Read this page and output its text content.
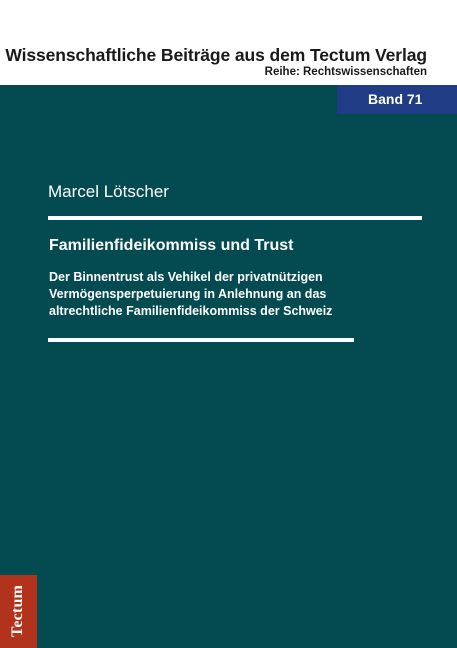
Wissenschaftliche Beiträge aus dem Tectum Verlag
Reihe: Rechtswissenschaften
Band 71
Marcel Lötscher
Familienfideikommiss und Trust
Der Binnentrust als Vehikel der privatnützigen
Vermögensperpetuierung in Anlehnung an das
altrechtliche Familienfideikommiss der Schweiz
Tectum
